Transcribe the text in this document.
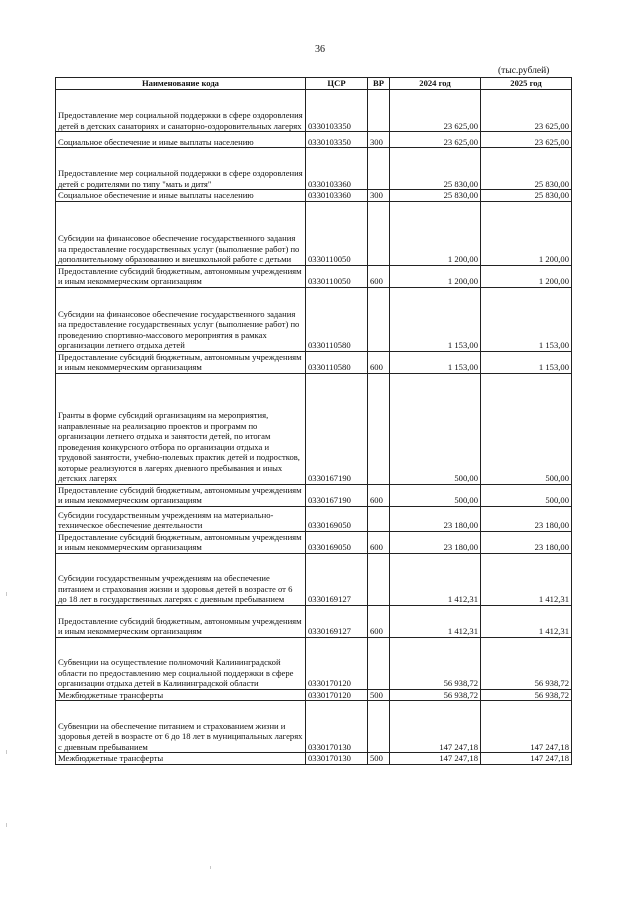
36
(тыс.рублей)
Наименование кода	ЦСР	ВР	2024 год	2025 год
Предоставление мер социальной поддержки в сфере оздоровления детей в детских санаториях и санаторно-оздоровительных лагерях	0330103350		23 625,00	23 625,00
Социальное обеспечение и иные выплаты населению	0330103350	300	23 625,00	23 625,00
Предоставление мер социальной поддержки в сфере оздоровления детей с родителями по типу "мать и дитя"	0330103360		25 830,00	25 830,00
Социальное обеспечение и иные выплаты населению	0330103360	300	25 830,00	25 830,00
Субсидии на финансовое обеспечение государственного задания на предоставление государственных услуг (выполнение работ) по дополнительному образованию и внешкольной работе с детьми	0330110050		1 200,00	1 200,00
Предоставление субсидий бюджетным, автономным учреждениям и иным некоммерческим организациям	0330110050	600	1 200,00	1 200,00
Субсидии на финансовое обеспечение государственного задания на предоставление государственных услуг (выполнение работ) по проведению спортивно-массового мероприятия в рамках организации летнего отдыха детей	0330110580		1 153,00	1 153,00
Предоставление субсидий бюджетным, автономным учреждениям и иным некоммерческим организациям	0330110580	600	1 153,00	1 153,00
Гранты в форме субсидий организациям на мероприятия, направленные на реализацию проектов и программ по организации летнего отдыха и занятости детей, по итогам проведения конкурсного отбора по организации отдыха и трудовой занятости, учебно-полевых практик детей и подростков, которые реализуются в лагерях дневного пребывания и иных детских лагерях	0330167190		500,00	500,00
Предоставление субсидий бюджетным, автономным учреждениям и иным некоммерческим организациям	0330167190	600	500,00	500,00
Субсидии государственным учреждениям на материально-техническое обеспечение деятельности	0330169050		23 180,00	23 180,00
Предоставление субсидий бюджетным, автономным учреждениям и иным некоммерческим организациям	0330169050	600	23 180,00	23 180,00
Субсидии государственным учреждениям на обеспечение питанием и страхования жизни и здоровья детей в возрасте от 6 до 18 лет в государственных лагерях с дневным пребыванием	0330169127		1 412,31	1 412,31
Предоставление субсидий бюджетным, автономным учреждениям и иным некоммерческим организациям	0330169127	600	1 412,31	1 412,31
Субвенции на осуществление полномочий Калининградской области по предоставлению мер социальной поддержки в сфере организации отдыха детей в Калининградской области	0330170120		56 938,72	56 938,72
Межбюджетные трансферты	0330170120	500	56 938,72	56 938,72
Субвенции на обеспечение питанием и страхованием жизни и здоровья детей в возрасте от 6 до 18 лет в муниципальных лагерях с дневным пребыванием	0330170130		147 247,18	147 247,18
Межбюджетные трансферты	0330170130	500	147 247,18	147 247,18
